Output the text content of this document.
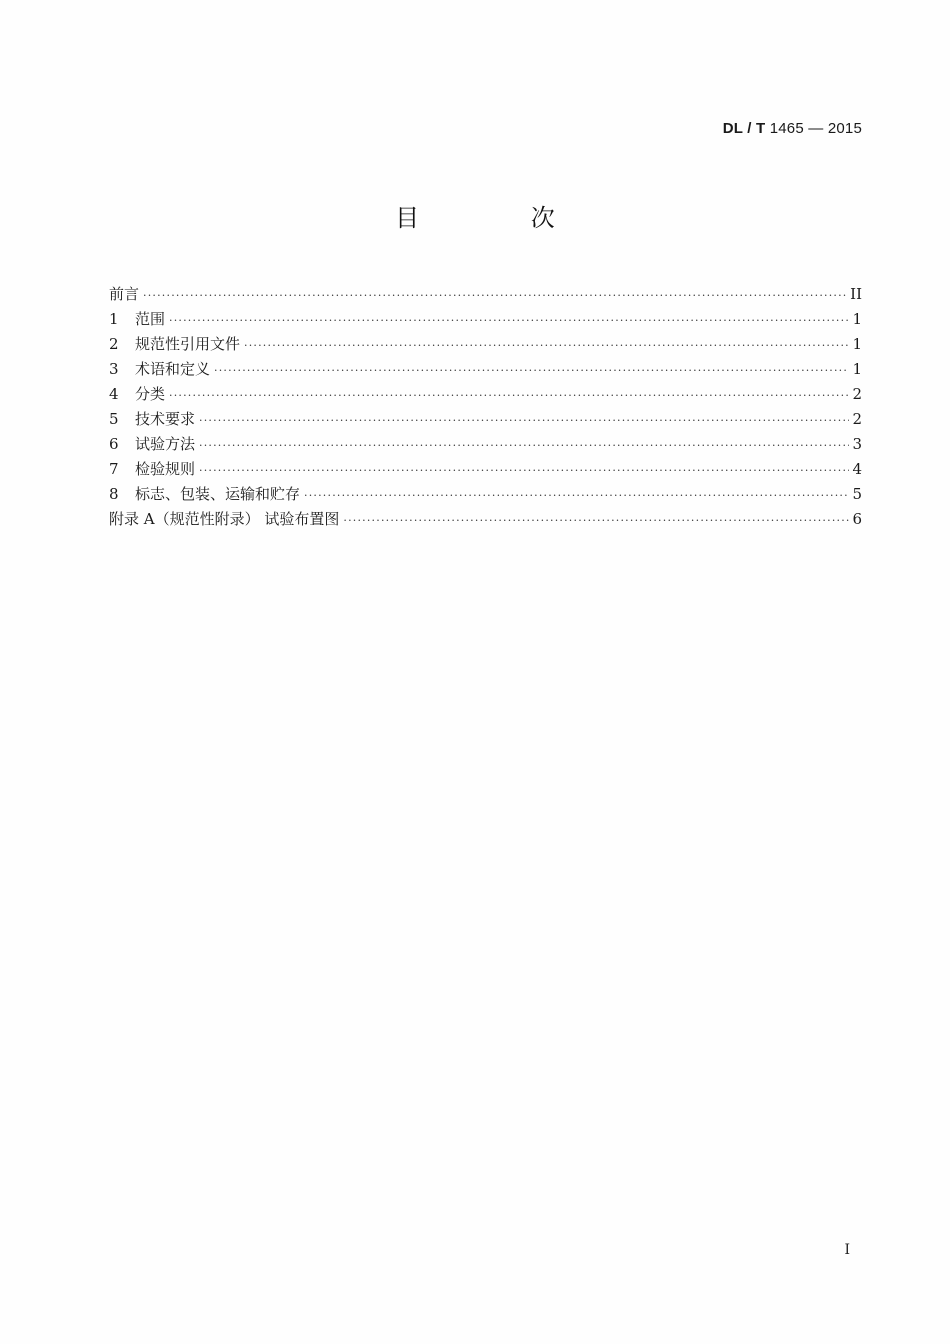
DL / T 1465 — 2015
目 次
前言 ·····	II
1	范围 ·····	1
2	规范性引用文件 ·····	1
3	术语和定义 ·····	1
4	分类 ·····	2
5	技术要求 ·····	2
6	试验方法 ·····	3
7	检验规则 ·····	4
8	标志、包装、运输和贮存 ·····	5
附录 A（规范性附录） 试验布置图 ·····	6
I
